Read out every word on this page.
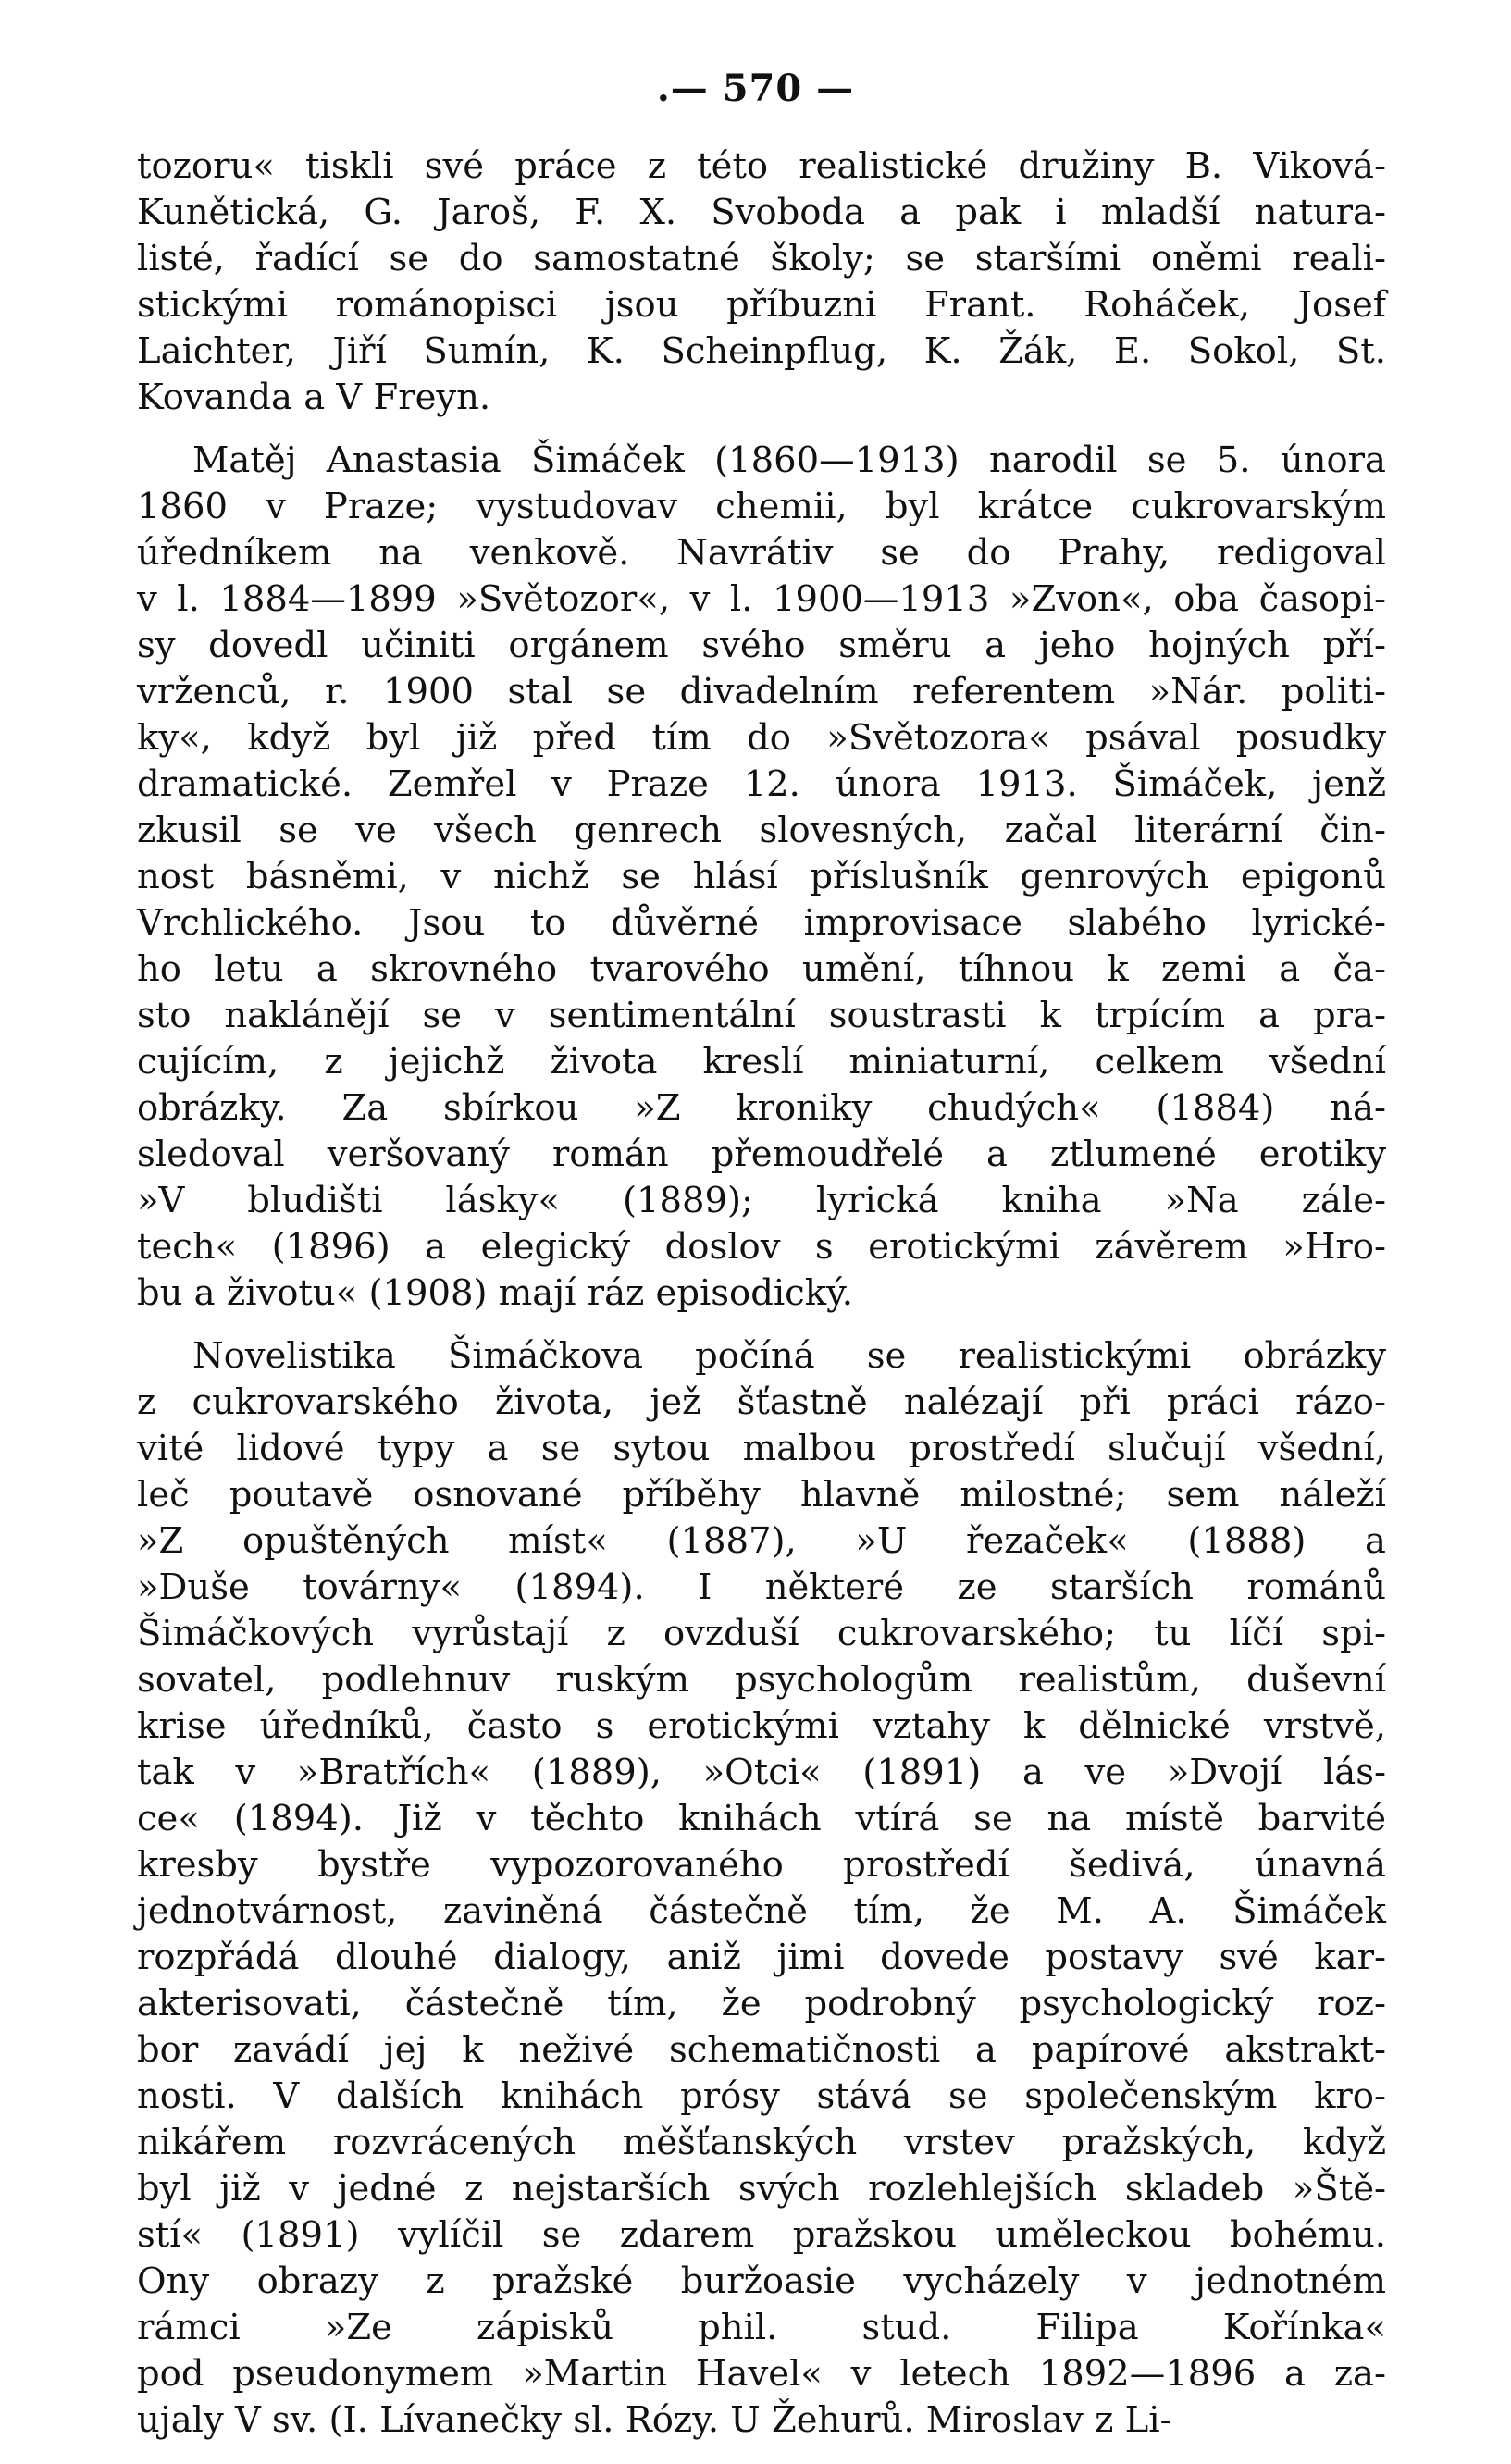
.— 570 —
tozoru« tiskli své práce z této realistické družiny B. Viková-
Kunětická, G. Jaroš, F. X. Svoboda a pak i mladší natura-
listé, řadící se do samostatné školy; se staršími oněmi reali-
stickými románopisci jsou příbuzni Frant. Roháček, Josef
Laichter, Jiří Sumín, K. Scheinpflug, K. Žák, E. Sokol, St.
Kovanda a V Freyn.
Matěj Anastasia Šimáček (1860—1913) narodil se 5. února
1860 v Praze; vystudovav chemii, byl krátce cukrovarským
úředníkem na venkově. Navrátiv se do Prahy, redigoval
v l. 1884—1899 »Světozor«, v l. 1900—1913 »Zvon«, oba časopi-
sy dovedl učiniti orgánem svého směru a jeho hojných pří-
vrženců, r. 1900 stal se divadelním referentem »Nár. politi-
ky«, když byl již před tím do »Světozora« psával posudky
dramatické. Zemřel v Praze 12. února 1913. Šimáček, jenž
zkusil se ve všech genrech slovesných, začal literární čin-
nost básněmi, v nichž se hlásí příslušník genrových epigonů
Vrchlického. Jsou to důvěrné improvisace slabého lyrické-
ho letu a skrovného tvarového umění, tíhnou k zemi a ča-
sto naklánějí se v sentimentální soustrasti k trpícím a pra-
cujícím, z jejichž života kreslí miniaturní, celkem všední
obrázky. Za sbírkou »Z kroniky chudých« (1884) ná-
sledoval veršovaný román přemoudřelé a ztlumené erotiky
»V bludišti lásky« (1889); lyrická kniha »Na zále-
tech« (1896) a elegický doslov s erotickými závěrem »Hro-
bu a životu« (1908) mají ráz episodický.
Novelistika Šimáčkova počíná se realistickými obrázky
z cukrovarského života, jež šťastně nalézají při práci rázo-
vité lidové typy a se sytou malbou prostředí slučují všední,
leč poutavě osnované příběhy hlavně milostné; sem náleží
»Z opuštěných míst« (1887), »U řezaček« (1888) a
»Duše továrny« (1894). I některé ze starších románů
Šimáčkových vyrůstají z ovzduší cukrovarského; tu líčí spi-
sovatel, podlehnuv ruským psychologům realistům, duševní
krise úředníků, často s erotickými vztahy k dělnické vrstvě,
tak v »Bratřích« (1889), »Otci« (1891) a ve »Dvojí lás-
ce« (1894). Již v těchto knihách vtírá se na místě barvité
kresby bystře vypozorovaného prostředí šedivá, únavná
jednotvárnost, zaviněná částečně tím, že M. A. Šimáček
rozpřádá dlouhé dialogy, aniž jimi dovede postavy své kar-
akterisovati, částečně tím, že podrobný psychologický roz-
bor zavádí jej k neživé schematičnosti a papírové akstrakt-
nosti. V dalších knihách prósy stává se společenským kro-
nikářem rozvrácených měšťanských vrstev pražských, když
byl již v jedné z nejstarších svých rozlehlejších skladeb »Ště-
stí« (1891) vylíčil se zdarem pražskou uměleckou bohému.
Ony obrazy z pražské buržoasie vycházely v jednotném
rámci »Ze zápisků phil. stud. Filipa Kořínka«
pod pseudonymem »Martin Havel« v letech 1892—1896 a za-
ujaly V sv. (I. Lívanečky sl. Rózy. U Žehurů. Miroslav z Li-
